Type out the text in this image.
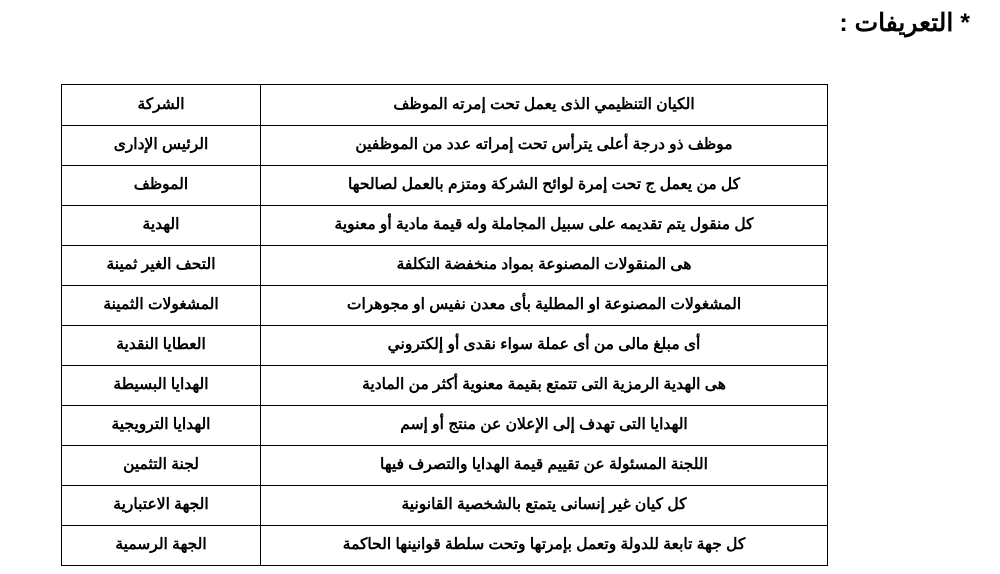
* التعريفات :
الكيان التنظيمي الذى يعمل تحت إمرته الموظف	الشركة
موظف ذو درجة أعلى يترأس تحت إمراته عدد من الموظفين	الرئيس الإدارى
كل من يعمل ج تحت إمرة لوائح الشركة ومتزم بالعمل لصالحها	الموظف
كل منقول يتم تقديمه على سبيل المجاملة وله قيمة مادية أو معنوية	الهدية
هى المنقولات المصنوعة بمواد منخفضة التكلفة	التحف الغير ثمينة
المشغولات المصنوعة او المطلية بأى معدن نفيس او مجوهرات	المشغولات الثمينة
أى مبلغ مالى من أى عملة سواء نقدى أو إلكتروني	العطايا النقدية
هى الهدية الرمزية التى تتمتع بقيمة معنوية أكثر من المادية	الهدايا البسيطة
الهدايا التى تهدف إلى الإعلان عن منتج أو إسم	الهدايا الترويجية
اللجنة المسئولة عن تقييم قيمة الهدايا والتصرف فيها	لجنة التثمين
كل كيان غير إنسانى يتمتع بالشخصية القانونية	الجهة الاعتبارية
كل جهة تابعة للدولة وتعمل بإمرتها وتحت سلطة قوانينها الحاكمة	الجهة الرسمية
